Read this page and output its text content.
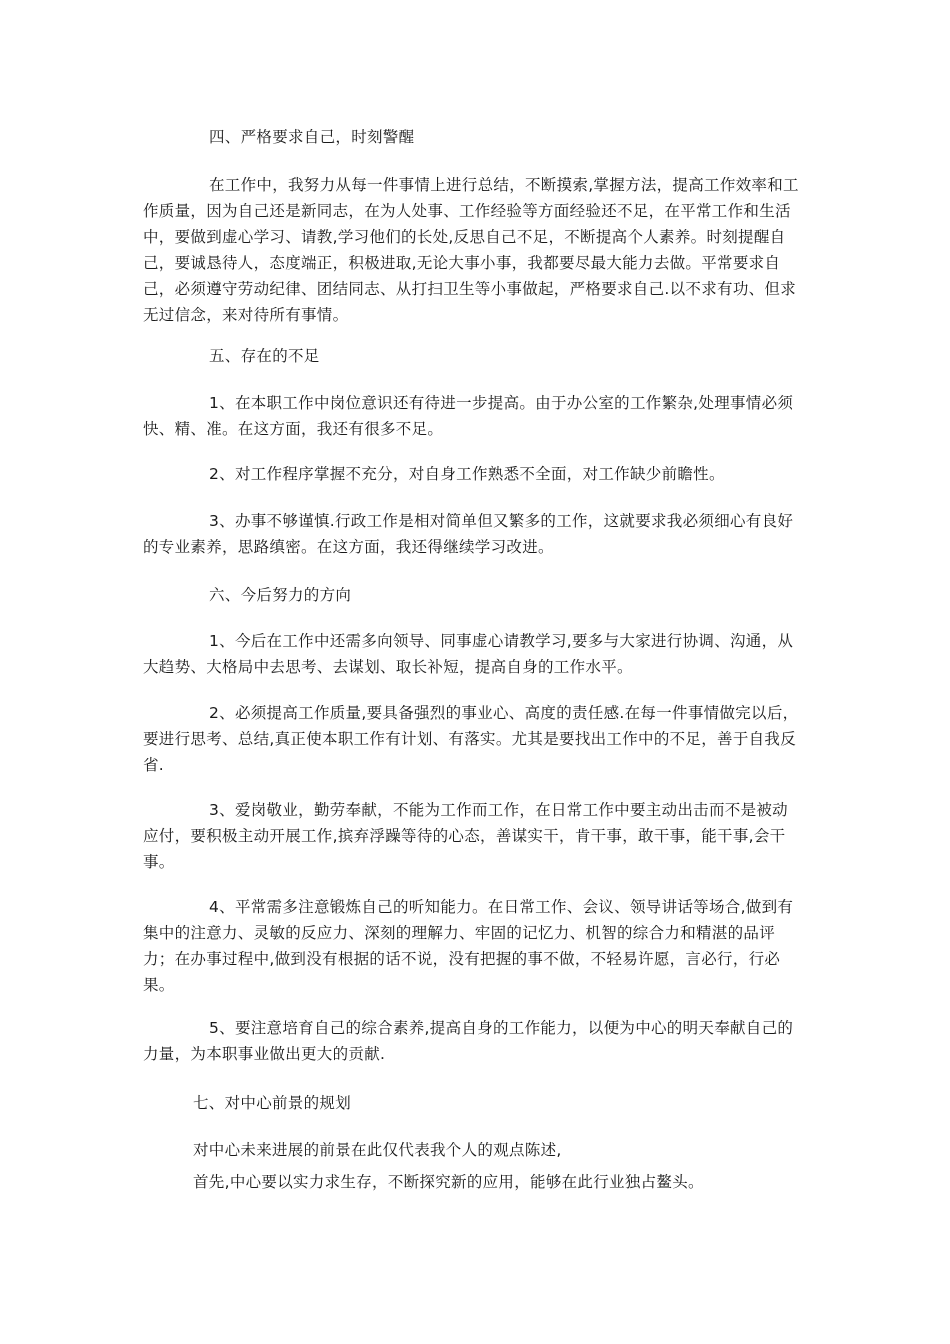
四、严格要求自己，时刻警醒

在工作中，我努力从每一件事情上进行总结，不断摸索,掌握方法，提高工作效率和工作质量，因为自己还是新同志，在为人处事、工作经验等方面经验还不足，在平常工作和生活中，要做到虚心学习、请教,学习他们的长处,反思自己不足，不断提高个人素养。时刻提醒自己，要诚恳待人，态度端正，积极进取,无论大事小事，我都要尽最大能力去做。平常要求自己，必须遵守劳动纪律、团结同志、从打扫卫生等小事做起，严格要求自己.以不求有功、但求无过信念，来对待所有事情。

五、存在的不足

1、在本职工作中岗位意识还有待进一步提高。由于办公室的工作繁杂,处理事情必须快、精、准。在这方面，我还有很多不足。

2、对工作程序掌握不充分，对自身工作熟悉不全面，对工作缺少前瞻性。

3、办事不够谨慎.行政工作是相对简单但又繁多的工作，这就要求我必须细心有良好的专业素养，思路缜密。在这方面，我还得继续学习改进。

六、今后努力的方向

1、今后在工作中还需多向领导、同事虚心请教学习,要多与大家进行协调、沟通，从大趋势、大格局中去思考、去谋划、取长补短，提高自身的工作水平。

2、必须提高工作质量,要具备强烈的事业心、高度的责任感.在每一件事情做完以后，要进行思考、总结,真正使本职工作有计划、有落实。尤其是要找出工作中的不足，善于自我反省.

3、爱岗敬业，勤劳奉献，不能为工作而工作，在日常工作中要主动出击而不是被动应付，要积极主动开展工作,摈弃浮躁等待的心态，善谋实干，肯干事，敢干事，能干事,会干事。

4、平常需多注意锻炼自己的听知能力。在日常工作、会议、领导讲话等场合,做到有集中的注意力、灵敏的反应力、深刻的理解力、牢固的记忆力、机智的综合力和精湛的品评力；在办事过程中,做到没有根据的话不说，没有把握的事不做，不轻易许愿，言必行，行必果。

5、要注意培育自己的综合素养,提高自身的工作能力，以便为中心的明天奉献自己的力量，为本职事业做出更大的贡献.

七、对中心前景的规划

对中心未来进展的前景在此仅代表我个人的观点陈述,

首先,中心要以实力求生存，不断探究新的应用，能够在此行业独占鳌头。
